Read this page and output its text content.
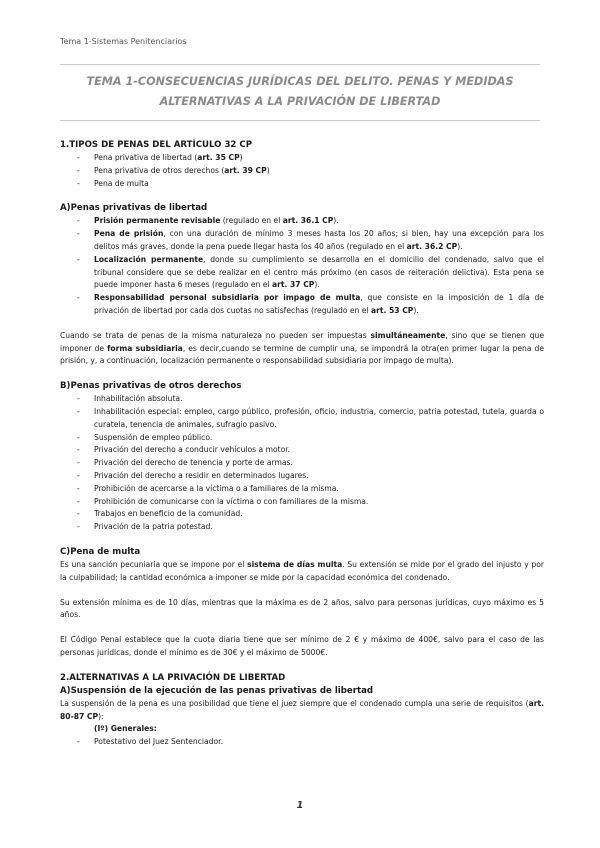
Tema 1-Sistemas Penitenciarios
TEMA 1-CONSECUENCIAS JURÍDICAS DEL DELITO. PENAS Y MEDIDAS
ALTERNATIVAS A LA PRIVACIÓN DE LIBERTAD

1.TIPOS DE PENAS DEL ARTÍCULO 32 CP

- Pena privativa de libertad (art. 35 CP)
- Pena privativa de otros derechos (art. 39 CP)
- Pena de multa

A)Penas privativas de libertad

- Prisión permanente revisable (regulado en el art. 36.1 CP).
- Pena de prisión, con una duración de mínimo 3 meses hasta los 20 años; si bien, hay una excepción para los delitos más graves, donde la pena puede llegar hasta los 40 años (regulado en el art. 36.2 CP).
- Localización permanente, donde su cumplimiento se desarrolla en el domicilio del condenado, salvo que el tribunal considere que se debe realizar en el centro más próximo (en casos de reiteración delictiva). Esta pena se puede imponer hasta 6 meses (regulado en el art. 37 CP).
- Responsabilidad personal subsidiaria por impago de multa, que consiste en la imposición de 1 día de privación de libertad por cada dos cuotas no satisfechas (regulado en el art. 53 CP).

Cuando se trata de penas de la misma naturaleza no pueden ser impuestas simultáneamente, sino que se tienen que imponer de forma subsidiaria, es decir,cuando se termine de cumplir una, se impondrá la otra(en primer lugar la pena de prisión, y, a continuación, localización permanente o responsabilidad subsidiaria por impago de multa).

B)Penas privativas de otros derechos

- Inhabilitación absoluta.
- Inhabilitación especial: empleo, cargo público, profesión, oficio, industria, comercio, patria potestad, tutela, guarda o curatela, tenencia de animales, sufragio pasivo.
- Suspensión de empleo público.
- Privación del derecho a conducir vehículos a motor.
- Privación del derecho de tenencia y porte de armas.
- Privación del derecho a residir en determinados lugares.
- Prohibición de acercarse a la víctima o a familiares de la misma.
- Prohibición de comunicarse con la víctima o con familiares de la misma.
- Trabajos en beneficio de la comunidad.
- Privación de la patria potestad.

C)Pena de multa

Es una sanción pecuniaria que se impone por el sistema de días multa. Su extensión se mide por el grado del injusto y por la culpabilidad; la cantidad económica a imponer se mide por la capacidad económica del condenado.

Su extensión mínima es de 10 días, mientras que la máxima es de 2 años, salvo para personas jurídicas, cuyo máximo es 5 años.

El Código Penal establece que la cuota diaria tiene que ser mínimo de 2 € y máximo de 400€, salvo para el caso de las personas jurídicas, donde el mínimo es de 30€ y el máximo de 5000€.

2.ALTERNATIVAS A LA PRIVACIÓN DE LIBERTAD

A)Suspensión de la ejecución de las penas privativas de libertad

La suspensión de la pena es una posibilidad que tiene el juez siempre que el condenado cumpla una serie de requisitos (art. 80-87 CP):

(Iº) Generales:
- Potestativo del Juez Sentenciador.
1
